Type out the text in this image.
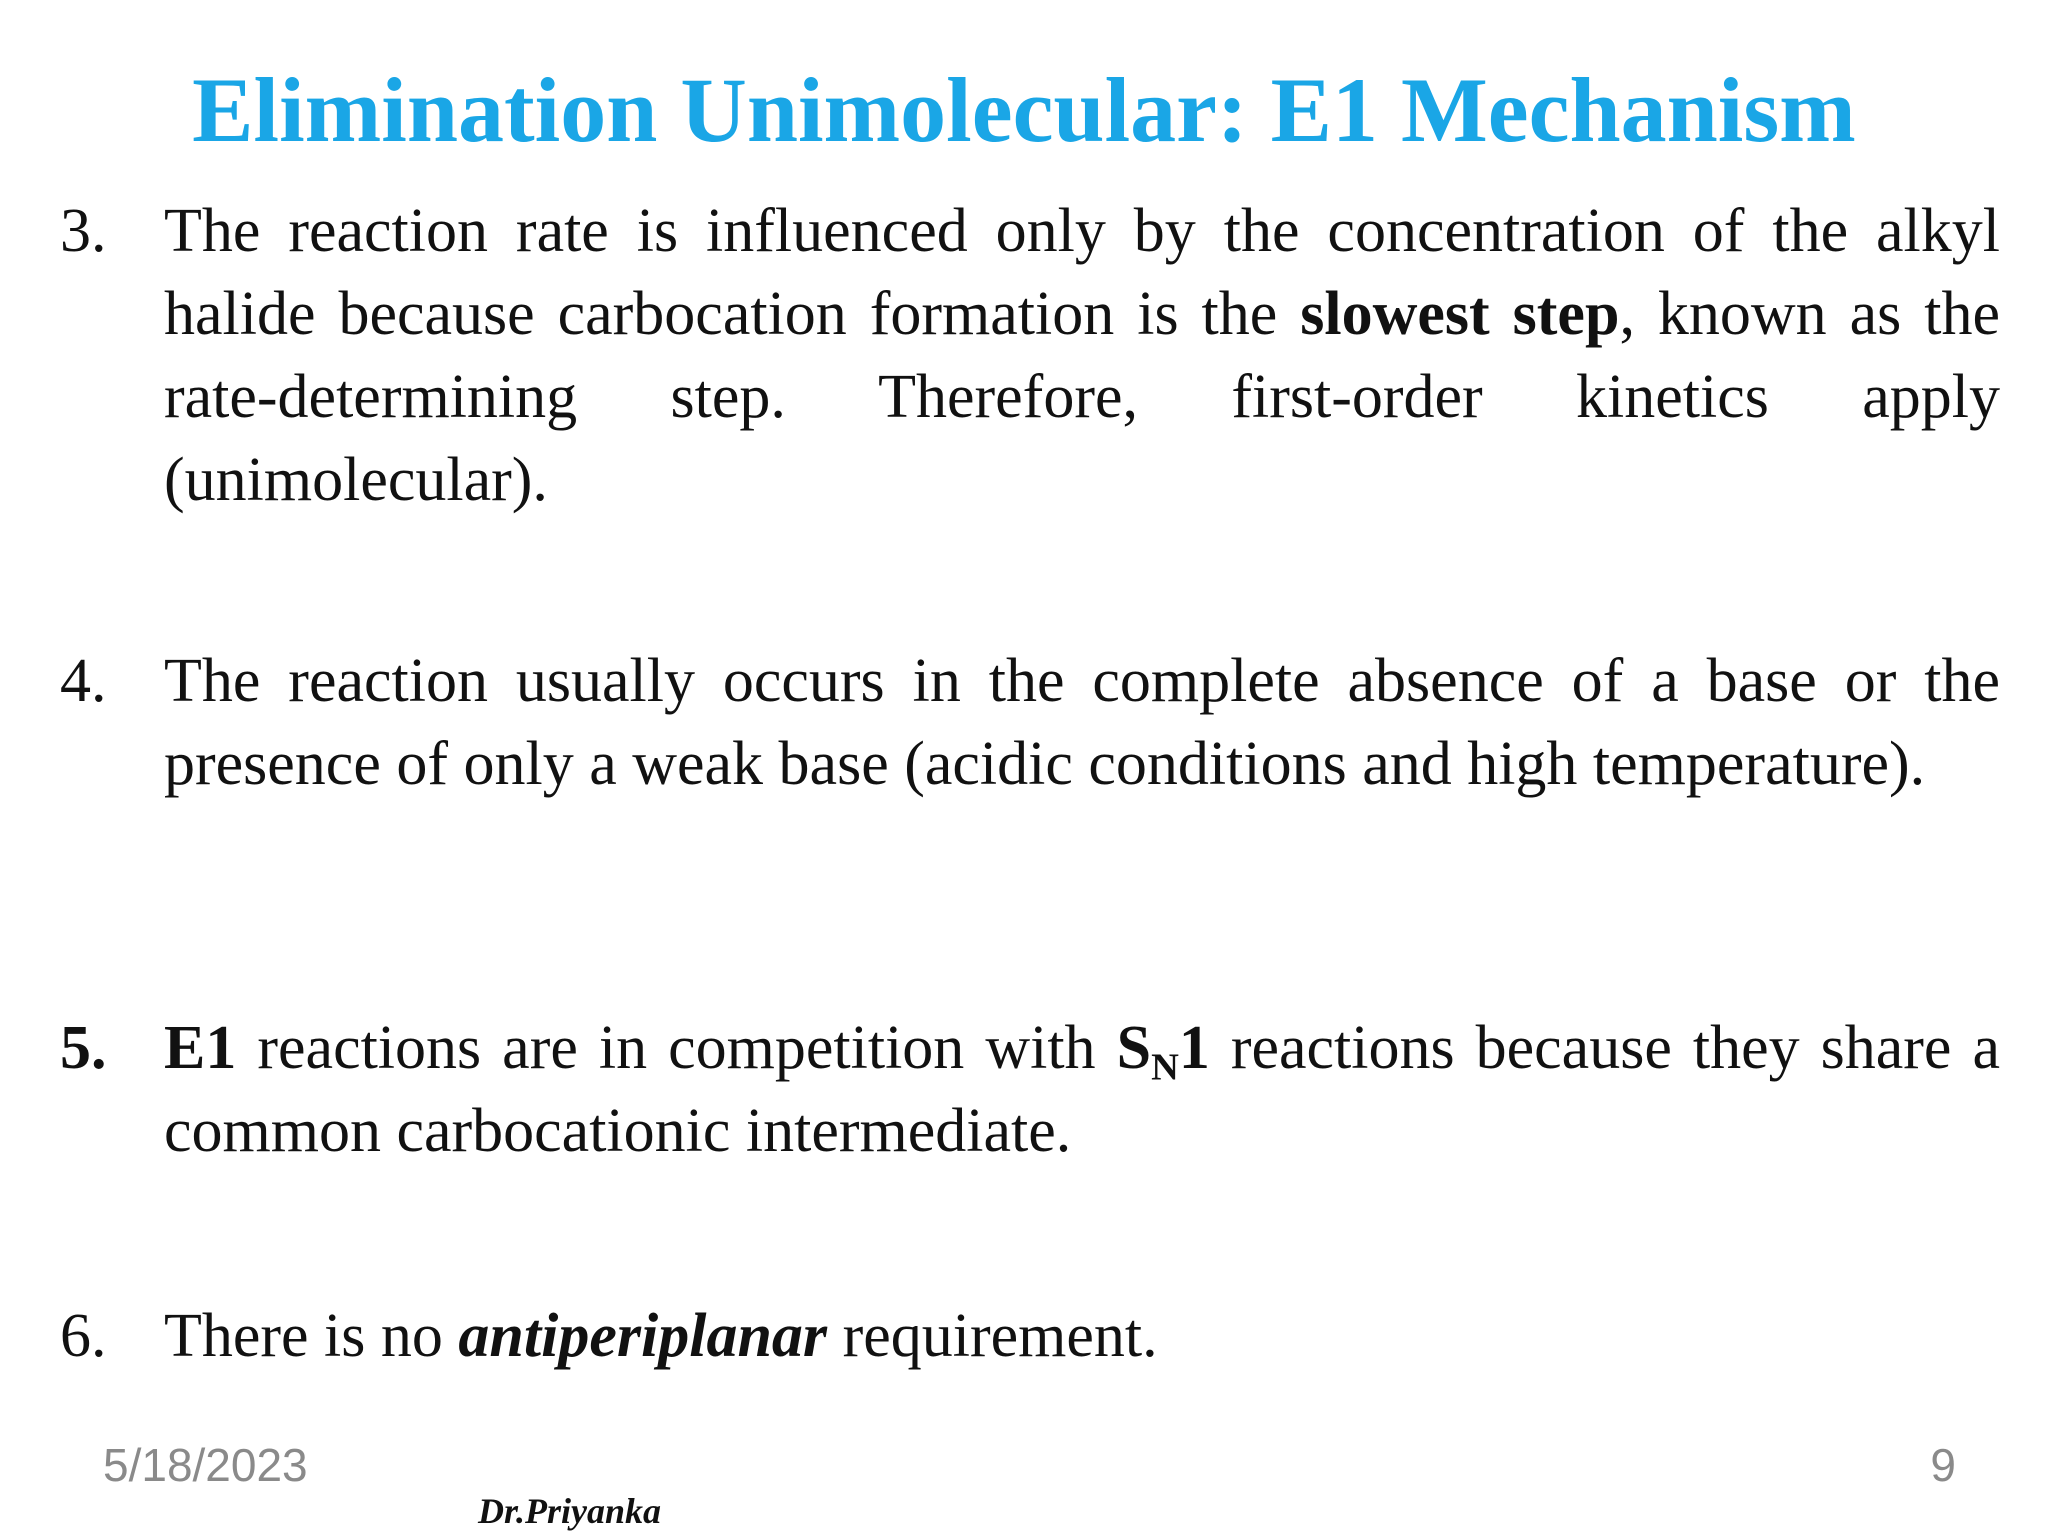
Elimination Unimolecular: E1 Mechanism
3. The reaction rate is influenced only by the concentration of the alkyl halide because carbocation formation is the slowest step, known as the rate-determining step. Therefore, first-order kinetics apply (unimolecular).
4. The reaction usually occurs in the complete absence of a base or the presence of only a weak base (acidic conditions and high temperature).
5. E1 reactions are in competition with SN1 reactions because they share a common carbocationic intermediate.
6. There is no antiperiplanar requirement.
5/18/2023	9
Dr.Priyanka
